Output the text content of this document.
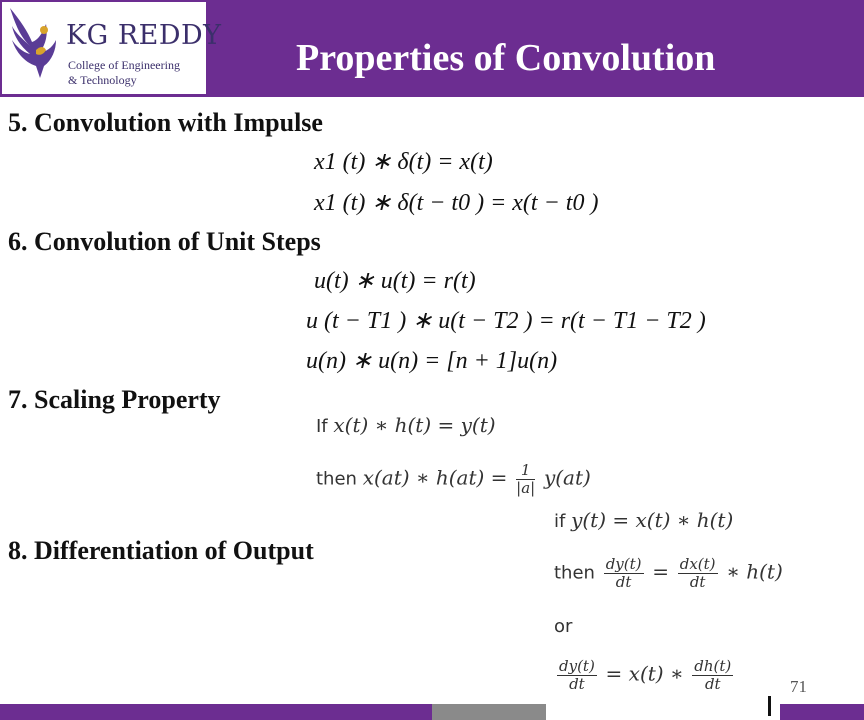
KG REDDY
College of Engineering
& Technology
Properties of Convolution
5. Convolution with Impulse
x1 (t) ∗ δ(t) = x(t)
x1 (t) ∗ δ(t − t0 ) = x(t − t0 )
6. Convolution of Unit Steps
u(t) ∗ u(t) = r(t)
u (t − T1 ) ∗ u(t − T2 ) = r(t − T1 − T2 )
u(n) ∗ u(n) = [n + 1]u(n)
7. Scaling Property
If x(t) ∗ h(t) = y(t)
then x(at) ∗ $h(at) = \frac{1}{|a|} y(at)$
8. Differentiation of Output
if y(t) = x(t) ∗ h(t)
then $\frac{dy(t)}{dt} = \frac{dx(t)}{dt}$ ∗ h(t)
or
$\frac{dy(t)}{dt} = x(t)$ ∗ $\frac{dh(t)}{dt}$	71
